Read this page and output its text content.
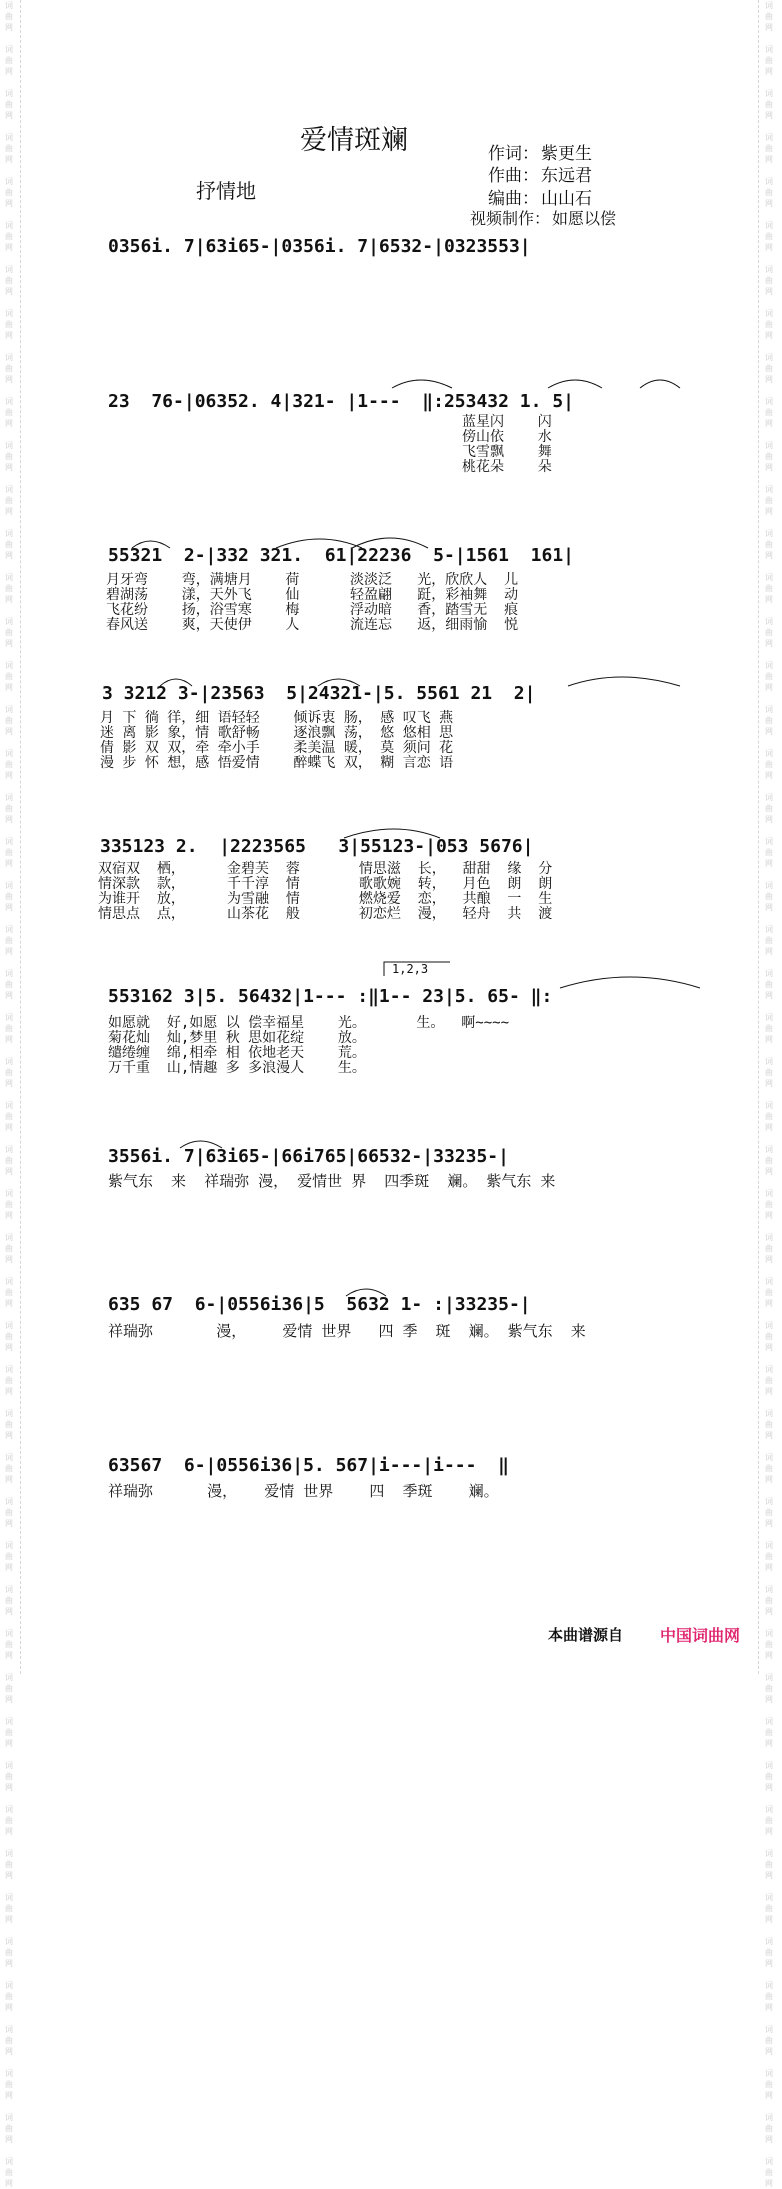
词
曲
网

词
曲
网

词
曲
网

词
曲
网

词
曲
网

词
曲
网

词
曲
网

词
曲
网

词
曲
网

词
曲
网

词
曲
网

词
曲
网

词
曲
网

词
曲
网

词
曲
网

词
曲
网

词
曲
网

词
曲
网

词
曲
网

词
曲
网

词
曲
网

词
曲
网

词
曲
网

词
曲
网

词
曲
网

词
曲
网

词
曲
网

词
曲
网

词
曲
网

词
曲
网

词
曲
网

词
曲
网

词
曲
网

词
曲
网

词
曲
网

词
曲
网

词
曲
网

词
曲
网

词
曲
网

词
曲
网

词
曲
网

词
曲
网

词
曲
网

词
曲
网

词
曲
网

词
曲
网

词
曲
网

词
曲
网

词
曲
网

词
曲
网

词
曲
网

词
曲
网

词
曲
网

词
曲
网

词
曲
网

词
曲
网

词
曲
网

词
曲
网

词
曲
网

词
曲
网

词
曲
网

词
曲
网

词
曲
网

词
曲
网

词
曲
网

词
曲
网

词
曲
网

词
曲
网

词
曲
网

词
曲
网

词
曲
网

词
曲
网

词
曲
网

词
曲
网

词
曲
网

词
曲
网

词
曲
网

词
曲
网

词
曲
网

词
曲
网

词
曲
网

词
曲
网

词
曲
网

词
曲
网

词
曲
网

词
曲
网

词
曲
网

词
曲
网

词
曲
网

词
曲
网

词
曲
网

词
曲
网

词
曲
网

词
曲
网

词
曲
网

词
曲
网

词
曲
网

词
曲
网

词
曲
网

词
曲
网

爱情斑斓
抒情地
作词： 紫更生
作曲： 东远君
编曲： 山山石
视频制作： 如愿以偿
0356i. 7|63i65-|0356i. 7|6532-|0323553|
23  76-|06352. 4|321- |1---  ‖:253432 1. 5|
蓝星闪    闪
傍山依    水
飞雪飘    舞
桃花朵    朵
55321  2-|332 321.  61|22236  5-|1561  161|
月牙弯    弯，满塘月    荷      淡淡泛   光，欣欣人  儿
碧湖荡    漾，天外飞    仙      轻盈翩   跹，彩袖舞  动
飞花纷    扬，浴雪寒    梅      浮动暗   香，踏雪无  痕
春风送    爽，天使伊    人      流连忘   返，细雨愉  悦
3 3212 3-|23563  5|24321-|5. 5561 21  2|
月 下 徜 徉，细 语轻轻    倾诉衷 肠， 感 叹飞 燕
迷 离 影 象，情 歌舒畅    逐浪飘 荡， 悠 悠相 思
倩 影 双 双，牵 牵小手    柔美温 暖， 莫 须问 花
漫 步 怀 想，感 悟爱情    醉蝶飞 双， 糊 言恋 语
335123 2.  |2223565   3|55123-|053 5676|
双宿双  栖，     金碧芙  蓉       情思滋  长，  甜甜  缘  分
情深款  款，     千千淳  情       歌歌婉  转，  月色  朗  朗
为谁开  放，     为雪融  情       燃烧爱  恋，  共酿  一  生
情思点  点，     山茶花  般       初恋烂  漫，  轻舟  共  渡
1,2,3
553162 3|5. 56432|1--- :‖1-- 23|5. 65- ‖:
如愿就  好,如愿 以 偿幸福星    光。      生。  啊~~~~
菊花灿  灿,梦里 秋 思如花绽    放。
缱绻缠  绵,相牵 相 依地老天    荒。
万千重  山,情趣 多 多浪漫人    生。
3556i. 7|63i65-|66i765|66532-|33235-|
紫气东  来  祥瑞弥 漫， 爱情世 界  四季斑  斓。 紫气东 来
635 67  6-|0556i36|5  5632 1- :|33235-|
祥瑞弥       漫，    爱情 世界   四 季  斑  斓。 紫气东  来
63567  6-|0556i36|5. 567|i---|i---  ‖
祥瑞弥      漫，   爱情 世界    四  季斑    斓。
本曲谱源自 中国词曲网
